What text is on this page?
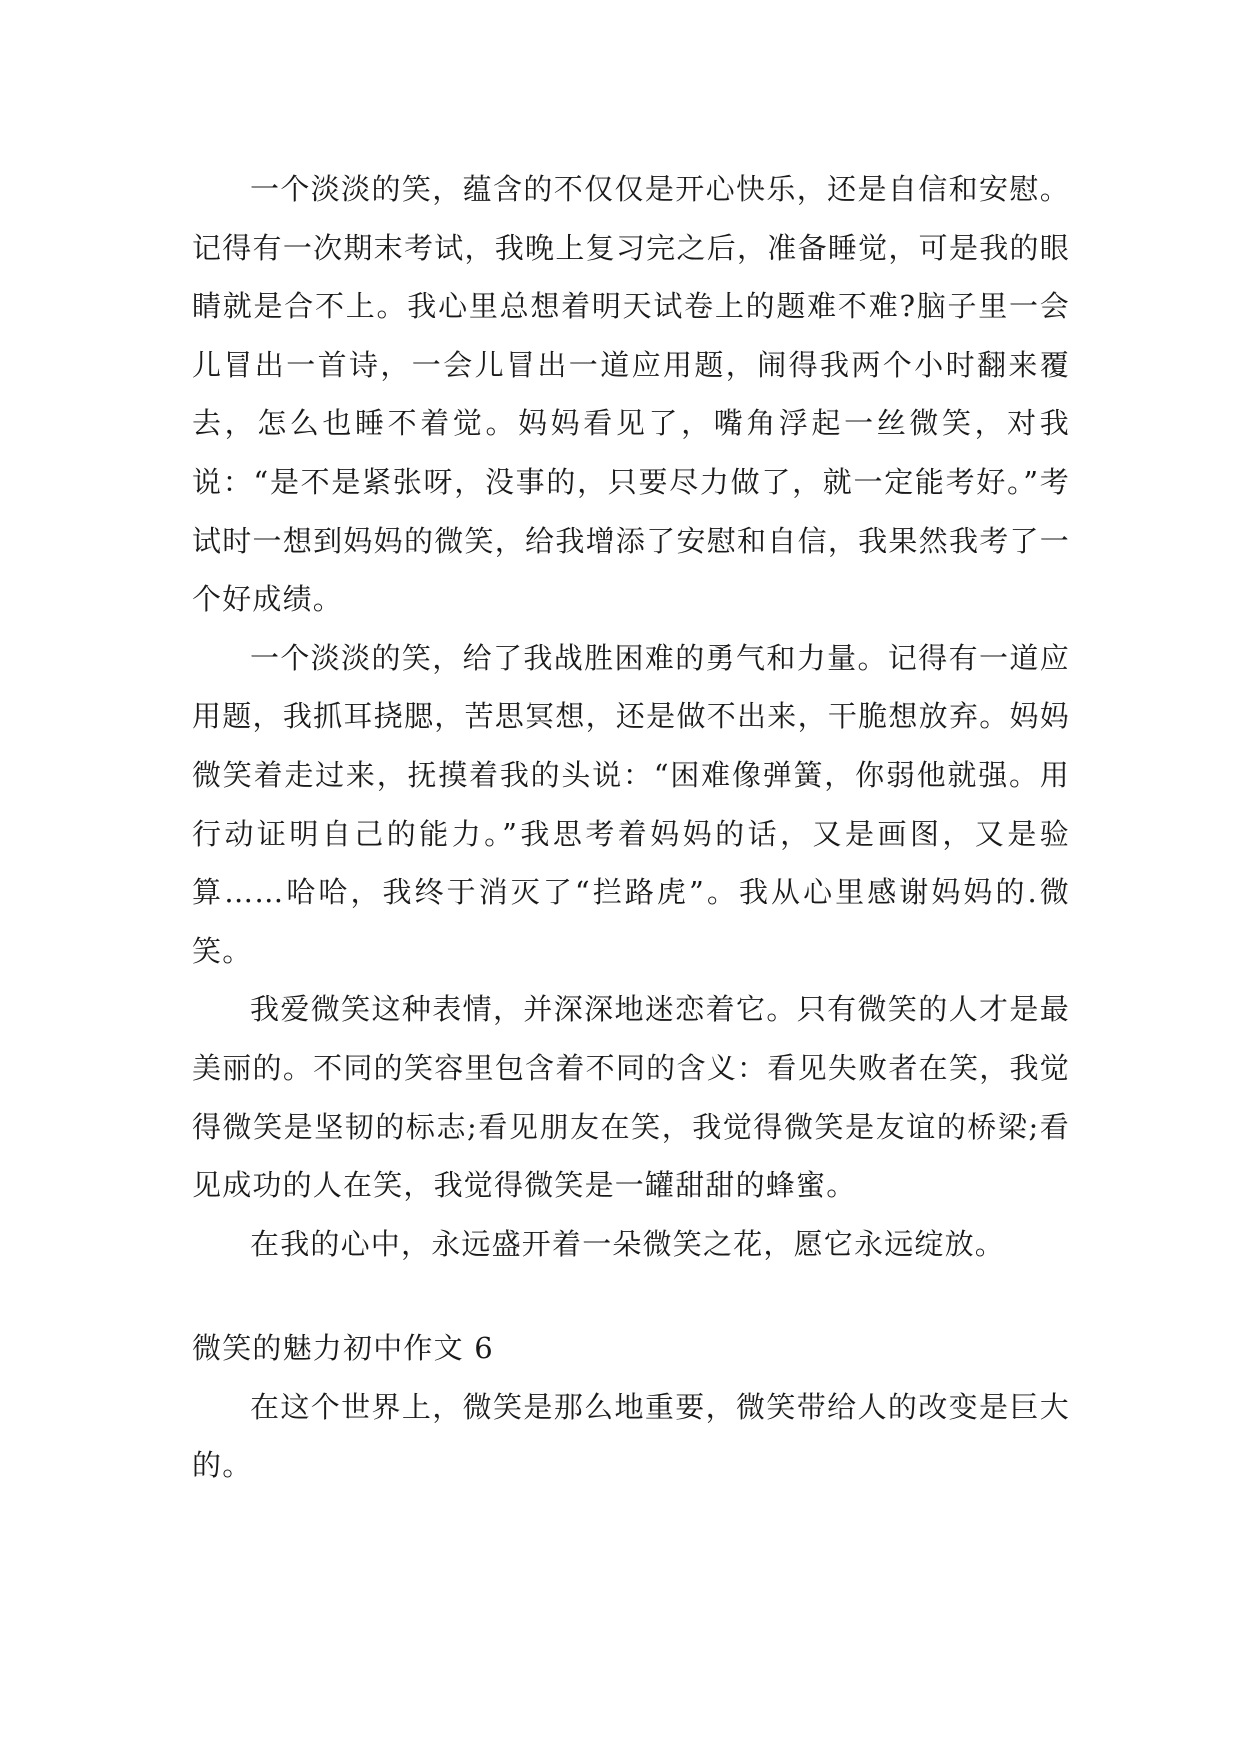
一个淡淡的笑，蕴含的不仅仅是开心快乐，还是自信和安慰。记得有一次期末考试，我晚上复习完之后，准备睡觉，可是我的眼睛就是合不上。我心里总想着明天试卷上的题难不难?脑子里一会儿冒出一首诗，一会儿冒出一道应用题，闹得我两个小时翻来覆去，怎么也睡不着觉。妈妈看见了，嘴角浮起一丝微笑，对我说：“是不是紧张呀，没事的，只要尽力做了，就一定能考好。”考试时一想到妈妈的微笑，给我增添了安慰和自信，我果然我考了一个好成绩。

一个淡淡的笑，给了我战胜困难的勇气和力量。记得有一道应用题，我抓耳挠腮，苦思冥想，还是做不出来，干脆想放弃。妈妈微笑着走过来，抚摸着我的头说：“困难像弹簧，你弱他就强。用行动证明自己的能力。”我思考着妈妈的话，又是画图，又是验算……哈哈，我终于消灭了“拦路虎”。我从心里感谢妈妈的.微笑。

我爱微笑这种表情，并深深地迷恋着它。只有微笑的人才是最美丽的。不同的笑容里包含着不同的含义：看见失败者在笑，我觉得微笑是坚韧的标志;看见朋友在笑，我觉得微笑是友谊的桥梁;看见成功的人在笑，我觉得微笑是一罐甜甜的蜂蜜。

在我的心中，永远盛开着一朵微笑之花，愿它永远绽放。

微笑的魅力初中作文 6

在这个世界上，微笑是那么地重要，微笑带给人的改变是巨大的。
